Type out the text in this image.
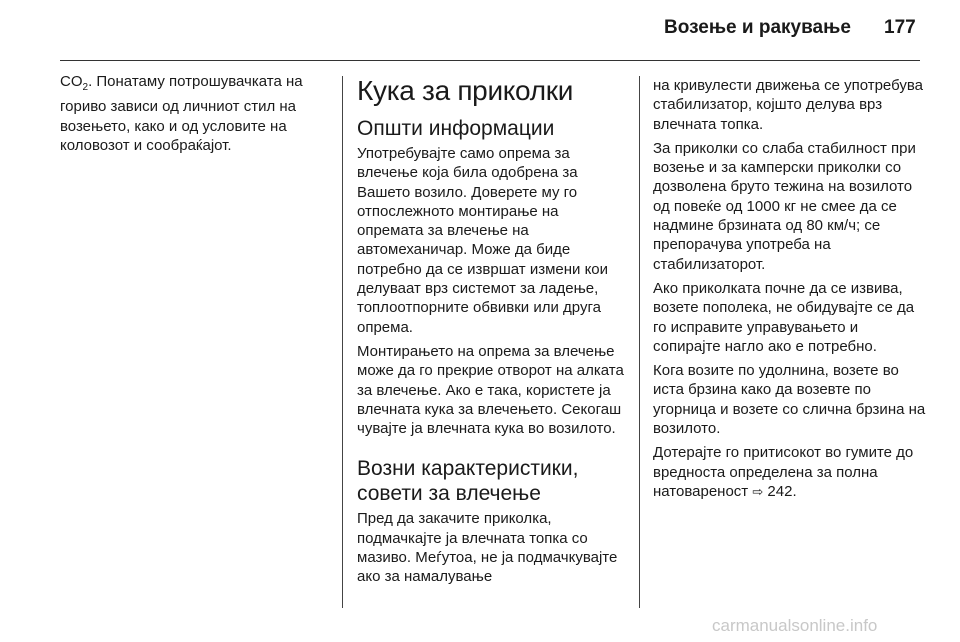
Возење и ракување 177

$CO_2$. Понатаму потрошувачката на гориво зависи од личниот стил на возењето, како и од условите на коловозот и сообраќајот.

Кука за приколки
Општи информации

Употребувајте само опрема за влечење која била одобрена за Вашето возило. Доверете му го отпослежното монтирање на опремата за влечење на автомеханичар. Може да биде потребно да се извршат измени кои делуваат врз системот за ладење, топлоотпорните обвивки или друга опрема.

Монтирањето на опрема за влечење може да го прекрие отворот на алката за влечење. Ако е така, користете ја влечната кука за влечењето. Секогаш чувајте ја влечната кука во возилото.

Возни карактеристики, совети за влечење

Пред да закачите приколка, подмачкајте ја влечната топка со мазиво. Меѓутоа, не ја подмачкувајте ако за намалување

на кривулести движења се употребува стабилизатор, којшто делува врз влечната топка.

За приколки со слаба стабилност при возење и за камперски приколки со дозволена бруто тежина на возилото од повеќе од 1000 кг не смее да се надмине брзината од 80 км/ч; се препорачува употреба на стабилизаторот.

Ако приколката почне да се извива, возете пополека, не обидувајте се да го исправите управувањето и сопирајте нагло ако е потребно.

Кога возите по удолнина, возете во иста брзина како да возевте по угорница и возете со слична брзина на возилото.

Дотерајте го притисокот во гумите до вредноста определена за полна натовареност ⇨ 242.

carmanualsonline.info
